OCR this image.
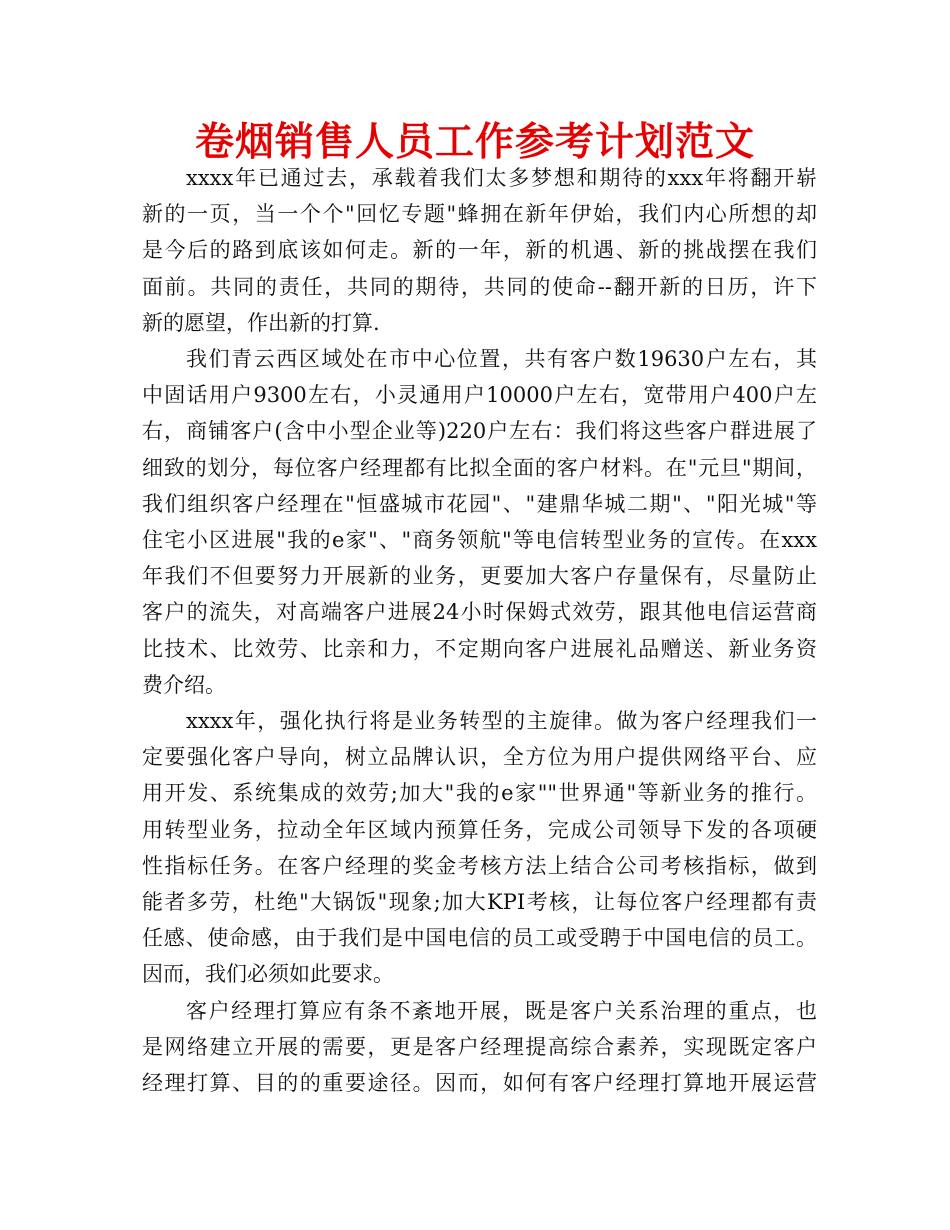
卷烟销售人员工作参考计划范文
xxxx年已通过去，承载着我们太多梦想和期待的xxx年将翻开崭
新的一页，当一个个"回忆专题"蜂拥在新年伊始，我们内心所想的却
是今后的路到底该如何走。新的一年，新的机遇、新的挑战摆在我们
面前。共同的责任，共同的期待，共同的使命--翻开新的日历，许下
新的愿望，作出新的打算.
我们青云西区域处在市中心位置，共有客户数19630户左右，其
中固话用户9300左右，小灵通用户10000户左右，宽带用户400户左
右，商铺客户(含中小型企业等)220户左右：我们将这些客户群进展了
细致的划分，每位客户经理都有比拟全面的客户材料。在"元旦"期间，
我们组织客户经理在"恒盛城市花园"、"建鼎华城二期"、"阳光城"等
住宅小区进展"我的e家"、"商务领航"等电信转型业务的宣传。在xxx
年我们不但要努力开展新的业务，更要加大客户存量保有，尽量防止
客户的流失，对高端客户进展24小时保姆式效劳，跟其他电信运营商
比技术、比效劳、比亲和力，不定期向客户进展礼品赠送、新业务资
费介绍。
xxxx年，强化执行将是业务转型的主旋律。做为客户经理我们一
定要强化客户导向，树立品牌认识，全方位为用户提供网络平台、应
用开发、系统集成的效劳;加大"我的e家""世界通"等新业务的推行。
用转型业务，拉动全年区域内预算任务，完成公司领导下发的各项硬
性指标任务。在客户经理的奖金考核方法上结合公司考核指标，做到
能者多劳，杜绝"大锅饭"现象;加大KPI考核，让每位客户经理都有责
任感、使命感，由于我们是中国电信的员工或受聘于中国电信的员工。
因而，我们必须如此要求。
客户经理打算应有条不紊地开展，既是客户关系治理的重点，也
是网络建立开展的需要，更是客户经理提高综合素养，实现既定客户
经理打算、目的的重要途径。因而，如何有客户经理打算地开展运营
